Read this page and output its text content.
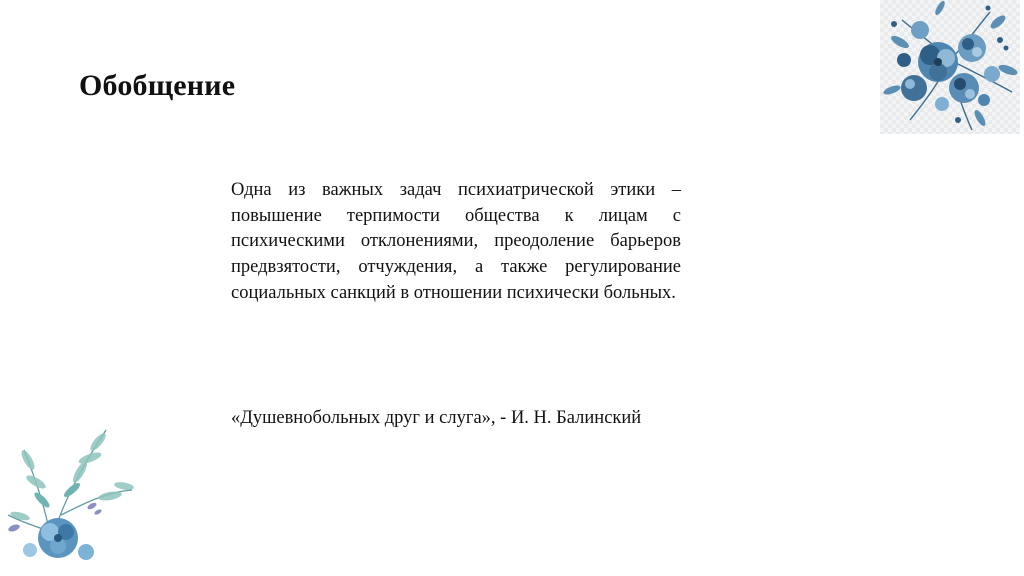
Обобщение

Одна из важных задач психиатрической этики – повышение терпимости общества к лицам с психическими отклонениями, преодоление барьеров предвзятости, отчуждения, а также регулирование социальных санкций в отношении психически больных.

«Душевнобольных друг и слуга», - И. Н. Балинский
